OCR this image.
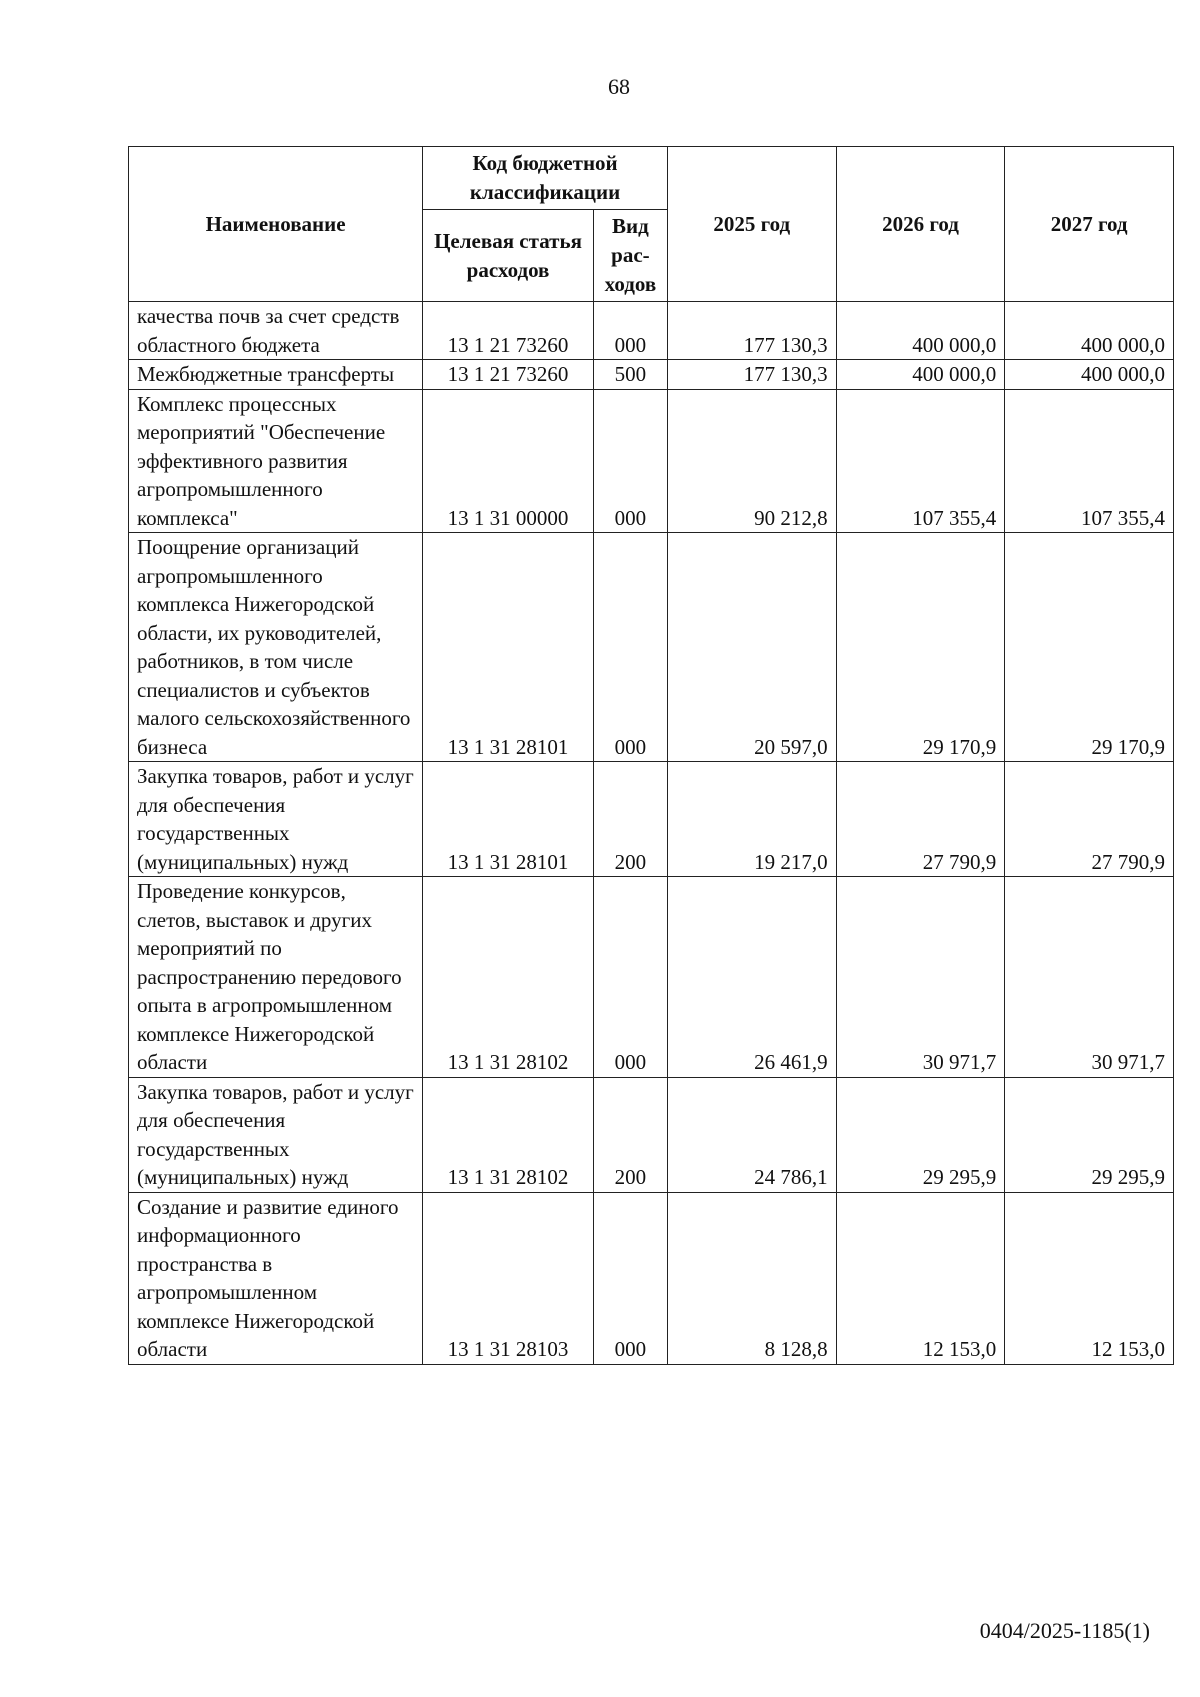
68
Наименование	Код бюджетной классификации		2025 год	2026 год	2027 год
	Целевая статья расходов	Вид рас- ходов			
качества почв за счет средств областного бюджета	13 1 21 73260	000	177 130,3	400 000,0	400 000,0
Межбюджетные трансферты	13 1 21 73260	500	177 130,3	400 000,0	400 000,0
Комплекс процессных мероприятий "Обеспечение эффективного развития агропромышленного комплекса"	13 1 31 00000	000	90 212,8	107 355,4	107 355,4
Поощрение организаций агропромышленного комплекса Нижегородской области, их руководителей, работников, в том числе специалистов и субъектов малого сельскохозяйственного бизнеса	13 1 31 28101	000	20 597,0	29 170,9	29 170,9
Закупка товаров, работ и услуг для обеспечения государственных (муниципальных) нужд	13 1 31 28101	200	19 217,0	27 790,9	27 790,9
Проведение конкурсов, слетов, выставок и других мероприятий по распространению передового опыта в агропромышленном комплексе Нижегородской области	13 1 31 28102	000	26 461,9	30 971,7	30 971,7
Закупка товаров, работ и услуг для обеспечения государственных (муниципальных) нужд	13 1 31 28102	200	24 786,1	29 295,9	29 295,9
Создание и развитие единого информационного пространства в агропромышленном комплексе Нижегородской области	13 1 31 28103	000	8 128,8	12 153,0	12 153,0
0404/2025-1185(1)
